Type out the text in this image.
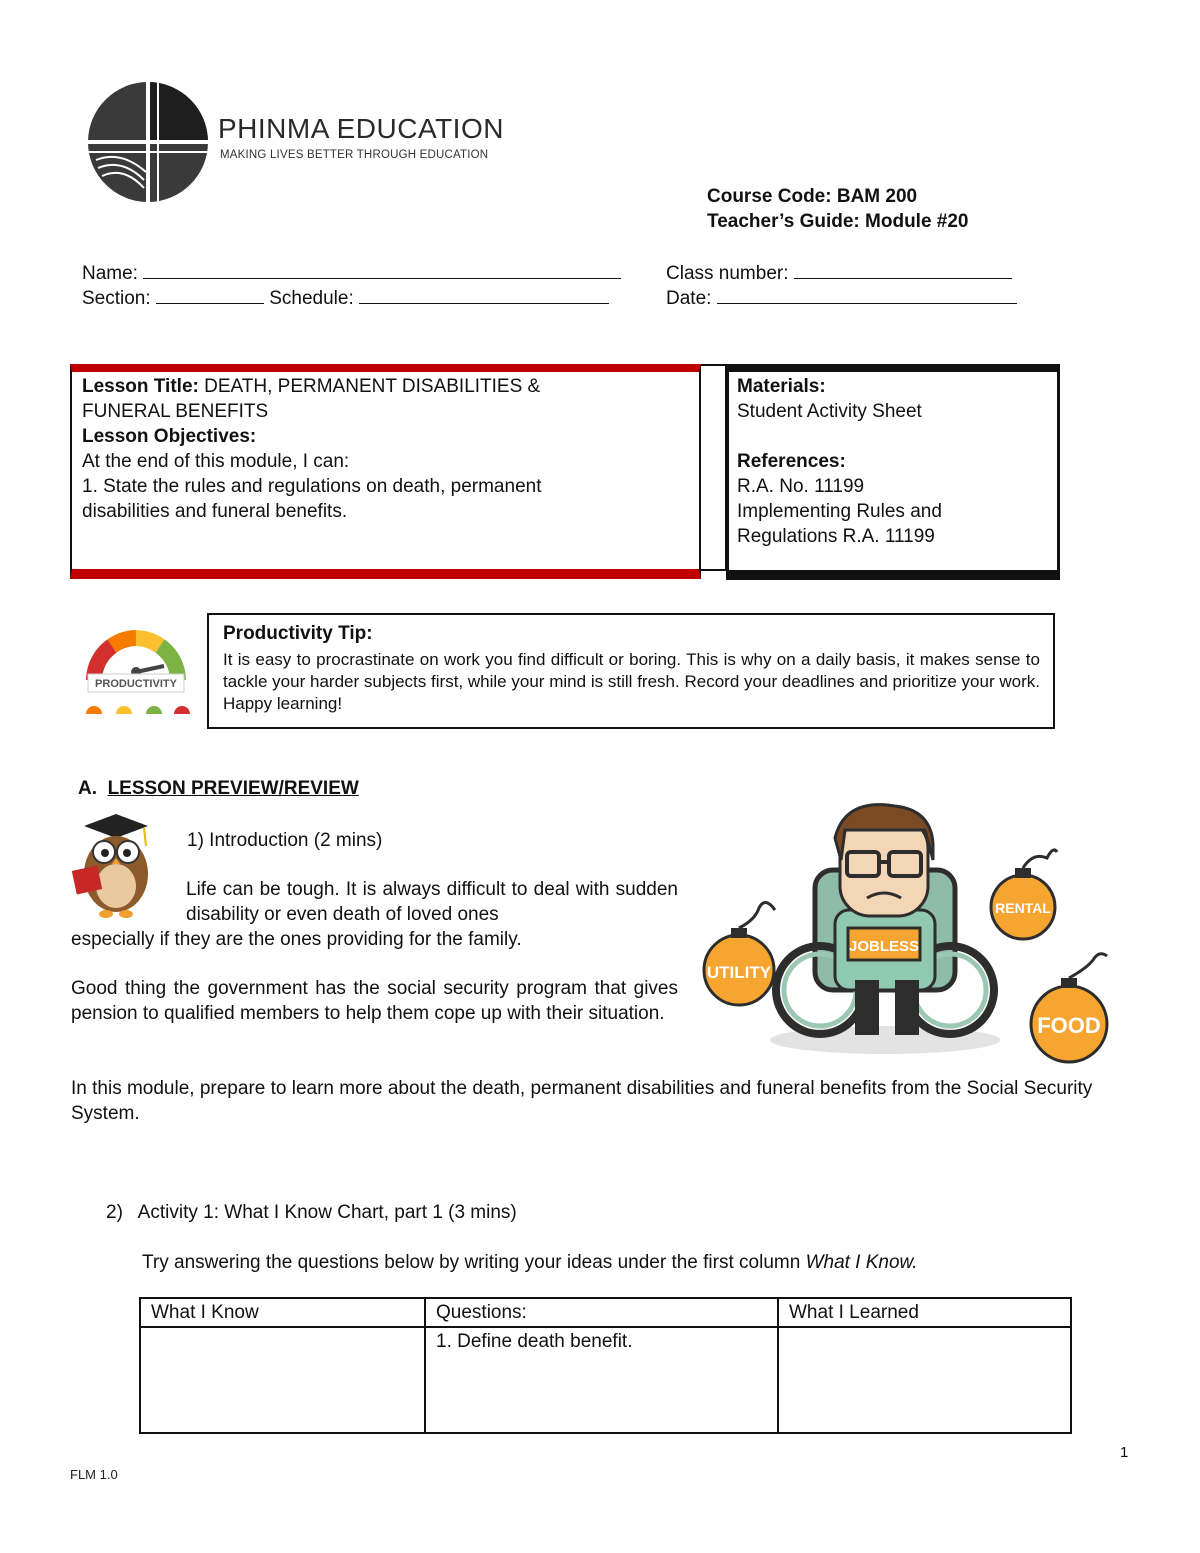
PHINMA EDUCATION
MAKING LIVES BETTER THROUGH EDUCATION
Course Code: BAM 200
Teacher’s Guide: Module #20
Name:	Class number:
Section:	Schedule:	Date:
Lesson Title: DEATH, PERMANENT DISABILITIES &
FUNERAL BENEFITS
Lesson Objectives:
At the end of this module, I can:
1. State the rules and regulations on death, permanent
disabilities and funeral benefits.
Materials:
Student Activity Sheet
References:
R.A. No. 11199
Implementing Rules and
Regulations R.A. 11199
PRODUCTIVITY
Productivity Tip:
It is easy to procrastinate on work you find difficult or boring. This is why on a daily basis, it makes sense to tackle your harder subjects first, while your mind is still fresh. Record your deadlines and prioritize your work. Happy learning!
A. LESSON PREVIEW/REVIEW
1) Introduction (2 mins)
Life can be tough. It is always difficult to deal with sudden disability or even death of loved ones
especially if they are the ones providing for the family.
Good thing the government has the social security program that gives pension to qualified members to help them cope up with their situation.
In this module, prepare to learn more about the death, permanent disabilities and funeral benefits from the Social Security System.
JOBLESS
UTILITY
RENTAL
FOOD
2)   Activity 1: What I Know Chart, part 1 (3 mins)
Try answering the questions below by writing your ideas under the first column What I Know.
What I Know	Questions:	What I Learned
	1. Define death benefit.	
1
FLM 1.0
